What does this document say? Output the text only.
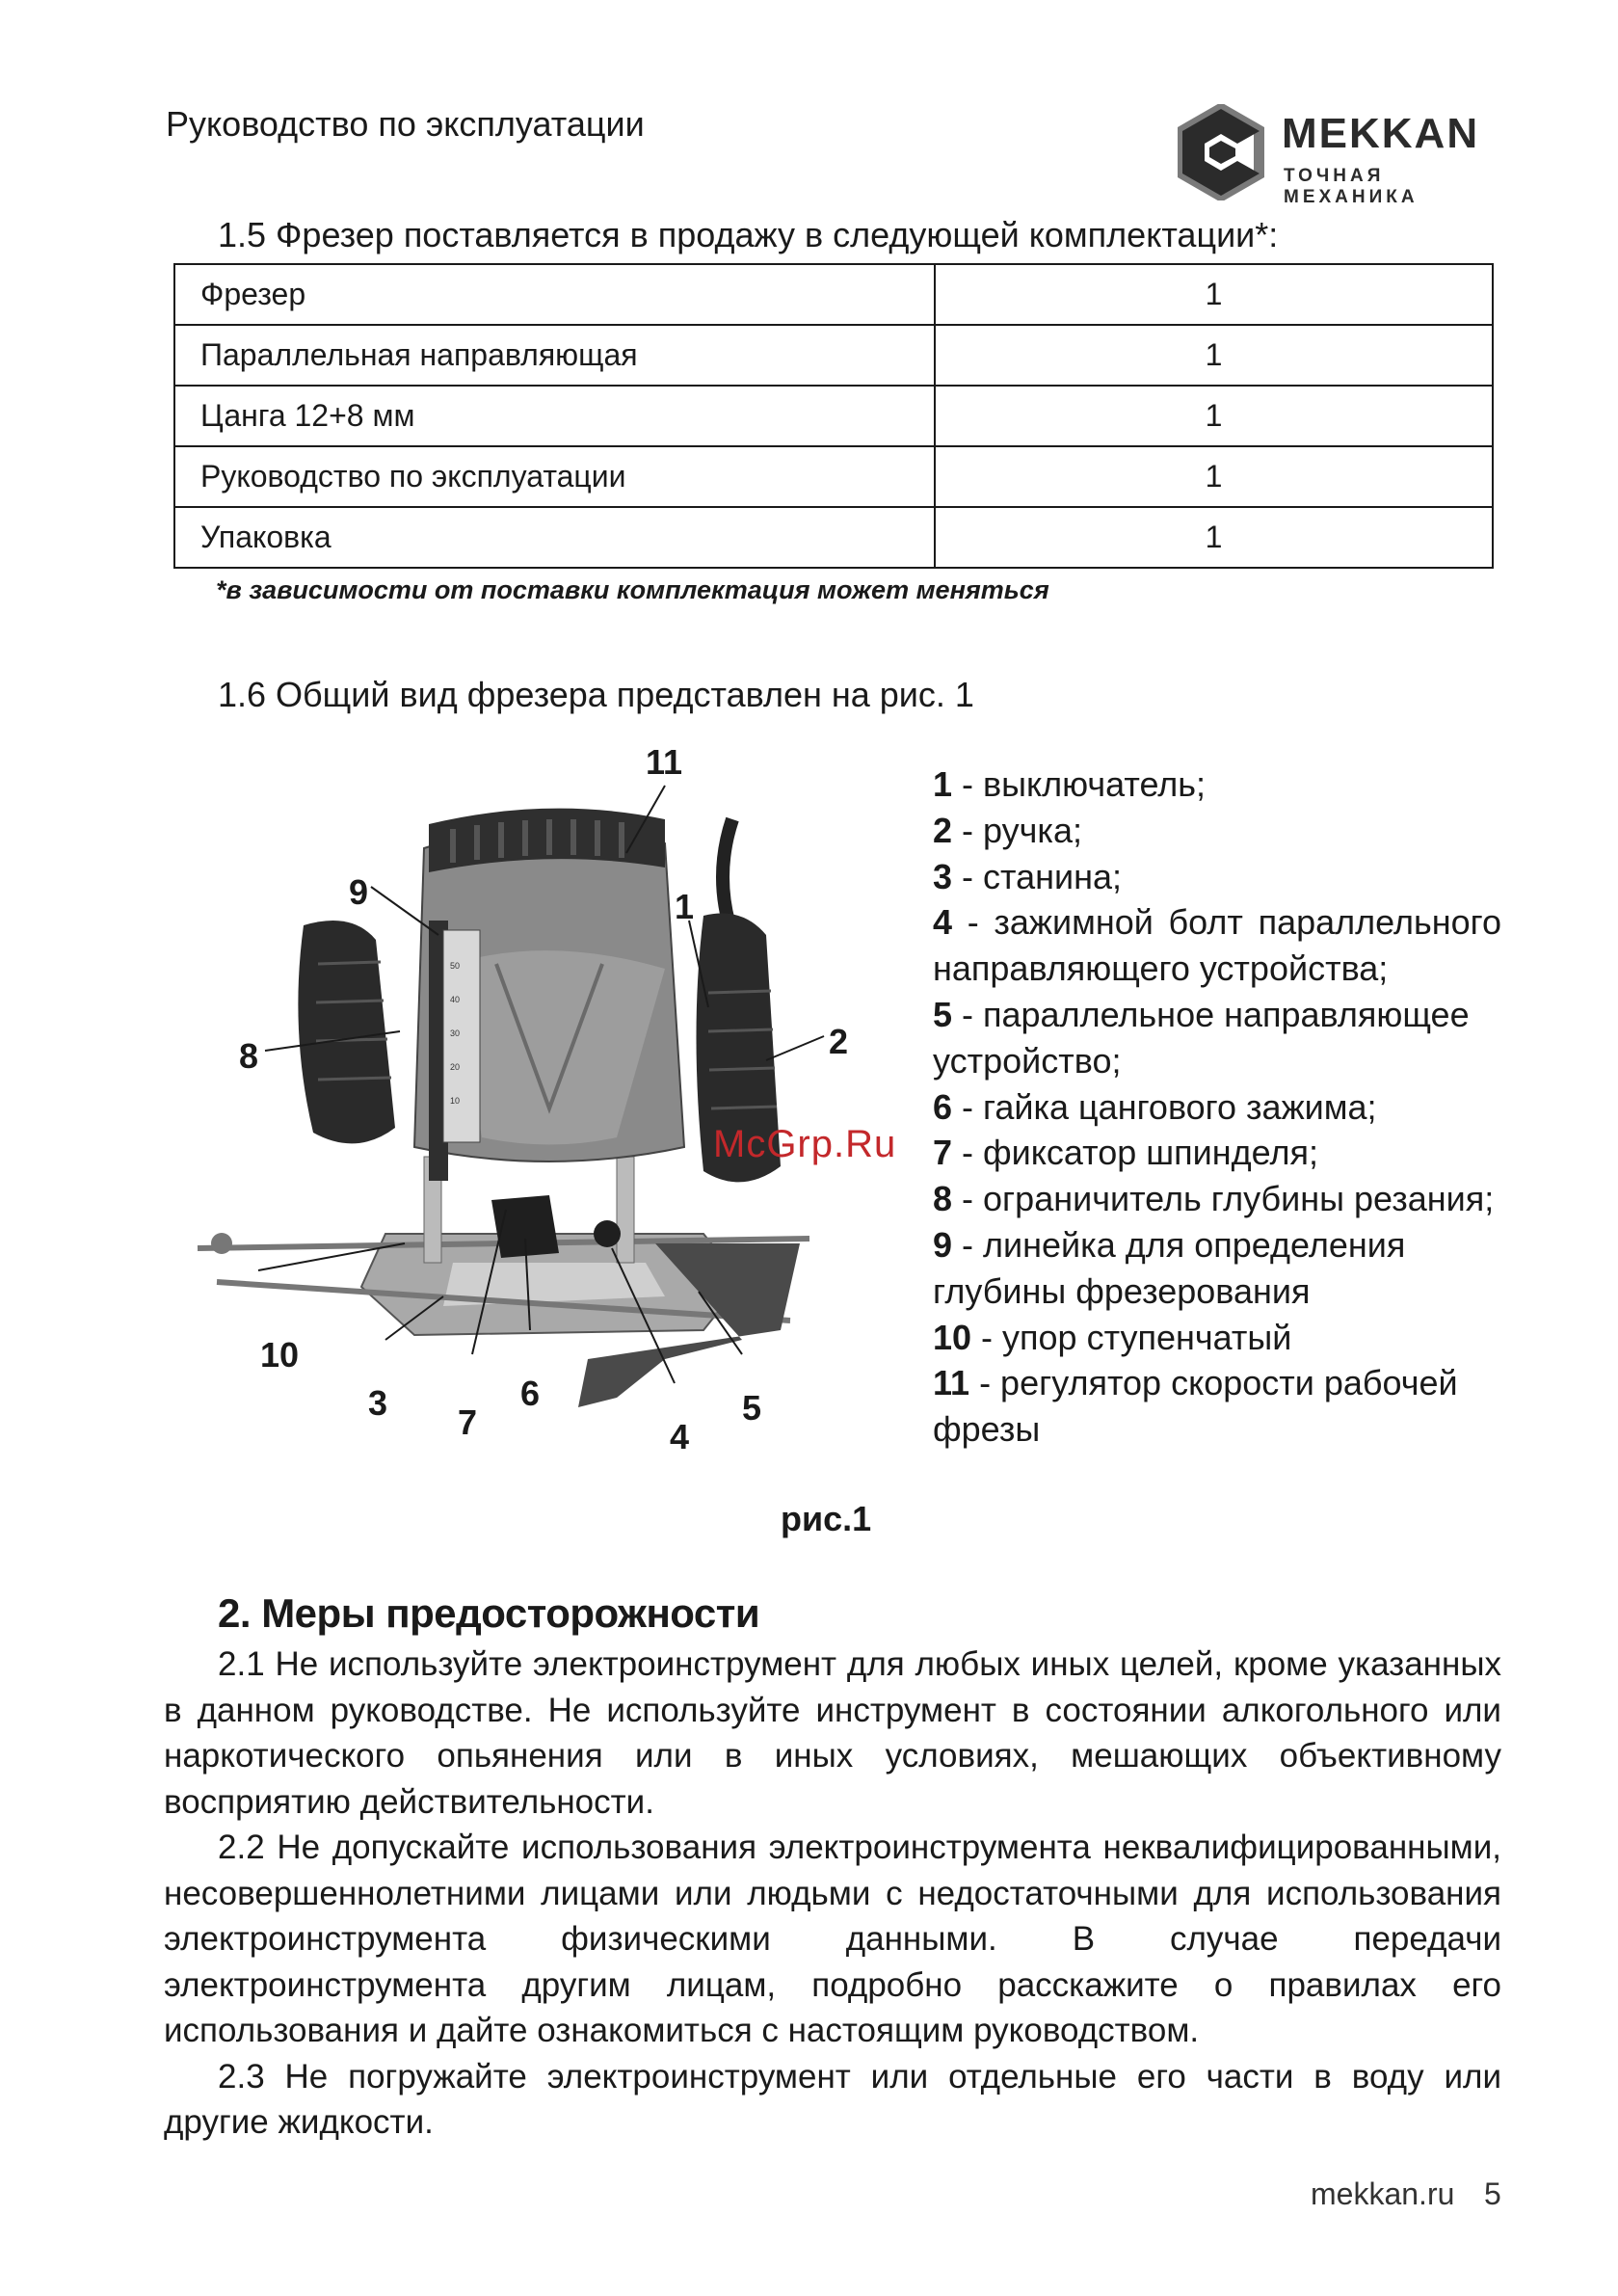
Руководство по эксплуатации	MEKKAN
ТОЧНАЯ МЕХАНИКА
1.5 Фрезер поставляется в продажу в следующей комплектации*:
Фрезер	1
Параллельная направляющая	1
Цанга 12+8 мм	1
Руководство по эксплуатации	1
Упаковка	1
*в зависимости от поставки комплектация может меняться
1.6 Общий вид фрезера представлен на рис. 1
50
40
30
20
10
11
9	1
8	2
10
3 7
6
4
5
McGrp.Ru

1 - выключатель;

2 - ручка;

3 - станина;

4 - зажимной болт параллельного направляющего устройства;

5 - параллельное направляющее устройство;

6 - гайка цангового зажима;

7 - фиксатор шпинделя;

8 - ограничитель глубины резания;

9 - линейка для определения глубины фрезерования

10 - упор ступенчатый

11 - регулятор скорости рабочей фрезы

рис.1
2. Меры предосторожности

2.1 Не используйте электроинструмент для любых иных целей, кроме указанных в данном руководстве. Не используйте инструмент в состоянии алкогольного или наркотического опьянения или в иных условиях, мешающих объективному восприятию действительности.

2.2 Не допускайте использования электроинструмента неквалифицированными, несовершеннолетними лицами или людьми с недостаточными для использования электроинструмента физическими данными. В случае передачи электроинструмента другим лицам, подробно расскажите о правилах его использования и дайте ознакомиться с настоящим руководством.

2.3 Не погружайте электроинструмент или отдельные его части в воду или другие жидкости.

mekkan.ru 5
